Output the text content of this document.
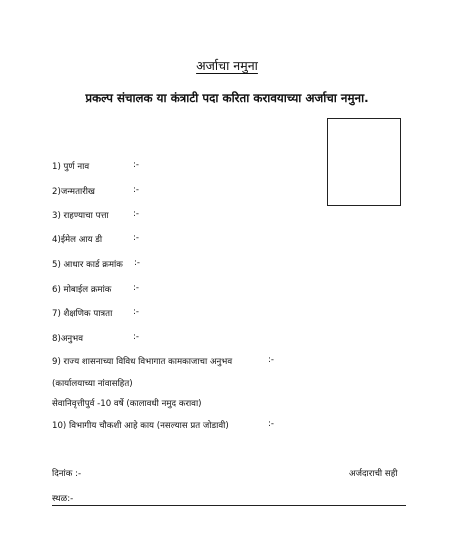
अर्जाचा नमुना
प्रकल्प संचालक या कंत्राटी पदा करिता करावयाच्या अर्जाचा नमुना.
1) पुर्ण नाव	:-
2)जन्मतारीख	:-
3) राहण्याचा पत्ता	:-
4)ईमेल आय डी	:-
5) आधार कार्ड क्रमांक :-
6) मोबाईल क्रमांक	:-
7) शैक्षणिक पात्रता :-
8)अनुभव	:-
9) राज्य शासनाच्या विविध विभागात कामकाजाचा अनुभव	:-
(कार्यालयाच्या नांवासहित)
सेवानिवृत्तीपुर्व -10 वर्षे (कालावधी नमुद करावा)
10) विभागीय चौकशी आहे काय (नसल्यास प्रत जोडावी)	:-
दिनांक :-	अर्जदाराची सही
स्थळ:-
